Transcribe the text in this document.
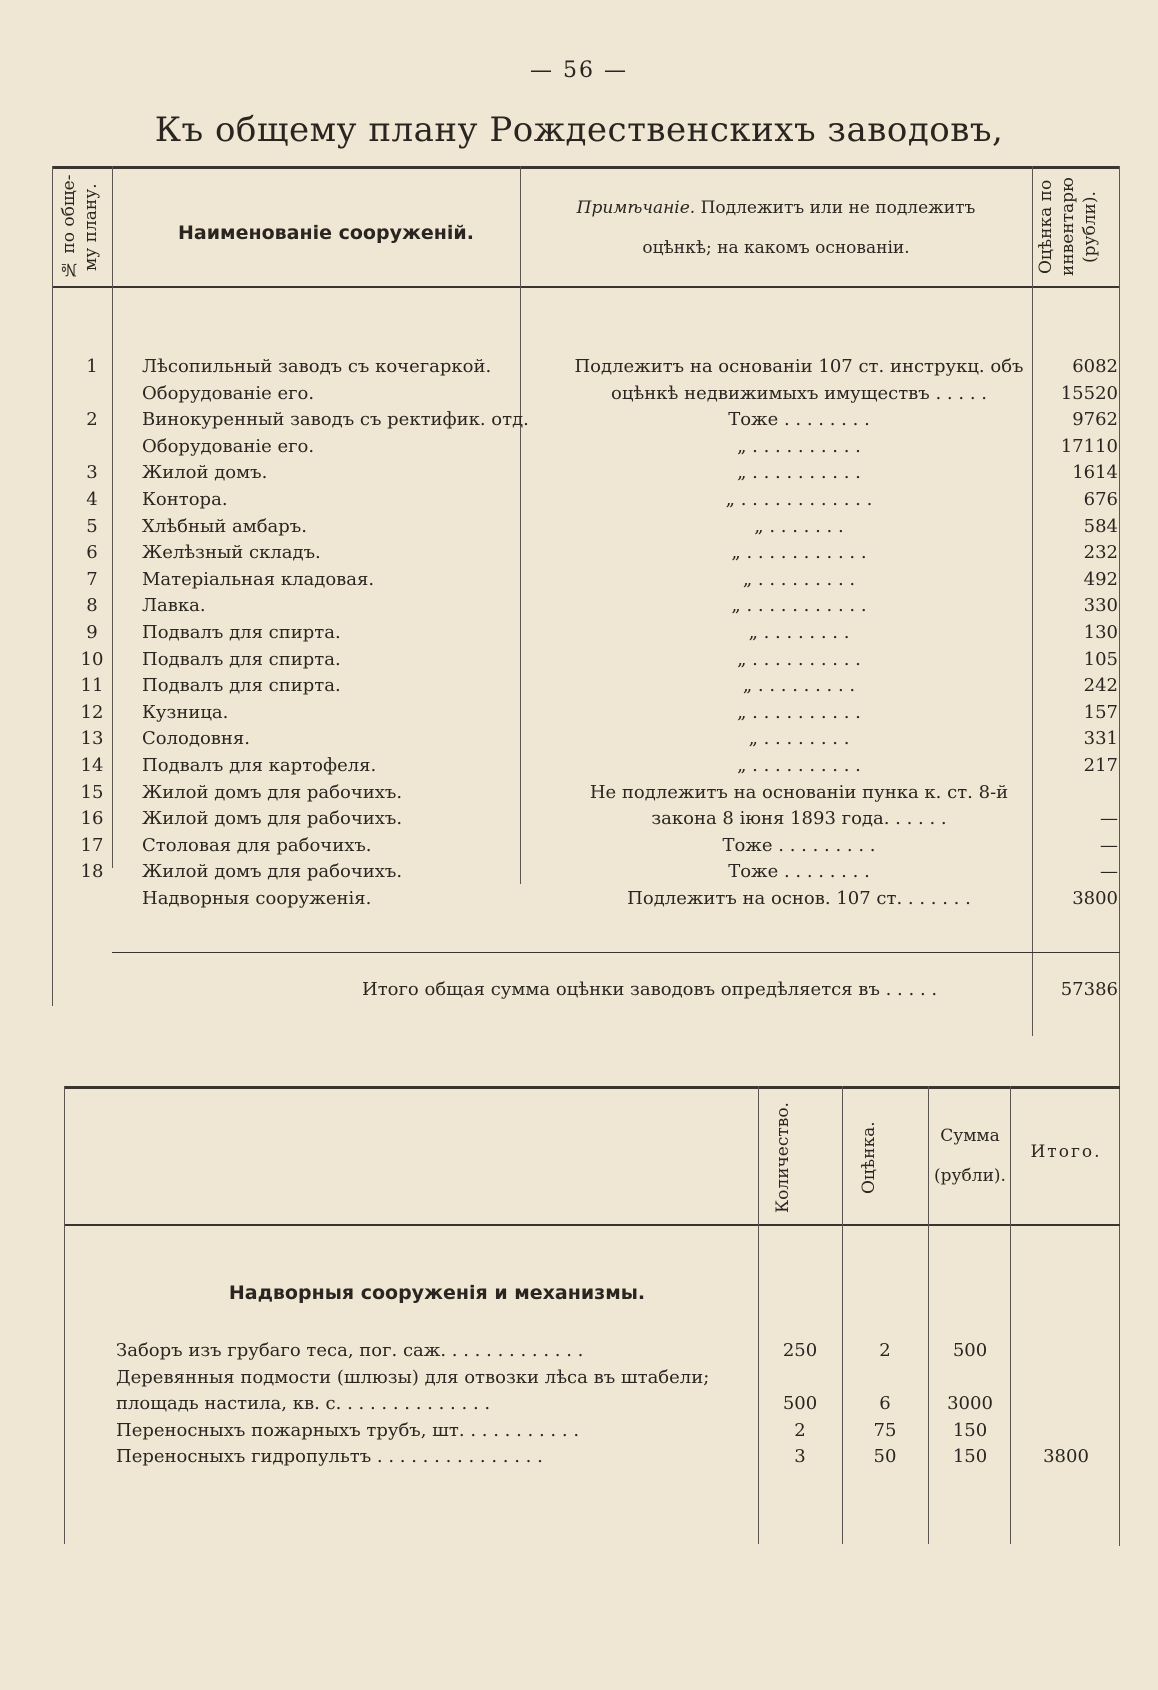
— 56 —
Къ общему плану Рождественскихъ заводовъ,
№ по обще- му плану.	Наименованіе сооруженій.
Примѣчаніе. Подлежитъ или не подлежитъ
оцѣнкѣ; на какомъ основаніи.	Оцѣнка по инвентарю (рубли).
1	Лѣсопильный заводъ съ кочегаркой.	Подлежитъ на основаніи 107 ст. инструкц. объ	6082
Оборудованіе его.	оцѣнкѣ недвижимыхъ имуществъ . . . . .	15520
2	Винокуренный заводъ съ ректифик. отд.	Тоже . . . . . . . .	9762
Оборудованіе его.	„ . . . . . . . . . .	17110
3	Жилой домъ.	„ . . . . . . . . . .	1614
4	Контора.	„ . . . . . . . . . . . .	676
5	Хлѣбный амбаръ.	„ . . . . . . .	584
6	Желѣзный складъ.	„ . . . . . . . . . . .	232
7	Матеріальная кладовая.	„ . . . . . . . . .	492
8	Лавка.	„ . . . . . . . . . . .	330
9	Подвалъ для спирта.	„ . . . . . . . .	130
10	Подвалъ для спирта.	„ . . . . . . . . . .	105
11	Подвалъ для спирта.	„ . . . . . . . . .	242
12	Кузница.	„ . . . . . . . . . .	157
13	Солодовня.	„ . . . . . . . .	331
14	Подвалъ для картофеля.	„ . . . . . . . . . .	217
15	Жилой домъ для рабочихъ.	Не подлежитъ на основаніи пунка к. ст. 8-й
16	Жилой домъ для рабочихъ.	закона 8 іюня 1893 года. . . . . .	—
17	Столовая для рабочихъ.	Тоже . . . . . . . . .	—
18	Жилой домъ для рабочихъ.	Тоже . . . . . . . .	—
Надворныя сооруженія.	Подлежитъ на основ. 107 ст. . . . . . .	3800
Итого общая сумма оцѣнки заводовъ опредѣляется въ . . . . .	57386
Количество.	Оцѣнка.	Сумма
(рубли).
Итого.
Надворныя сооруженія и механизмы.
Заборъ изъ грубаго теса, пог. саж. . . . . . . . . . . . .	250	2	500
Деревянныя подмости (шлюзы) для отвозки лѣса въ штабели;
площадь настила, кв. с. . . . . . . . . . . . . .	500	6	3000
Переносныхъ пожарныхъ трубъ, шт. . . . . . . . . . .	2	75	150
Переносныхъ гидропультъ . . . . . . . . . . . . . . .	3	50	150	3800
